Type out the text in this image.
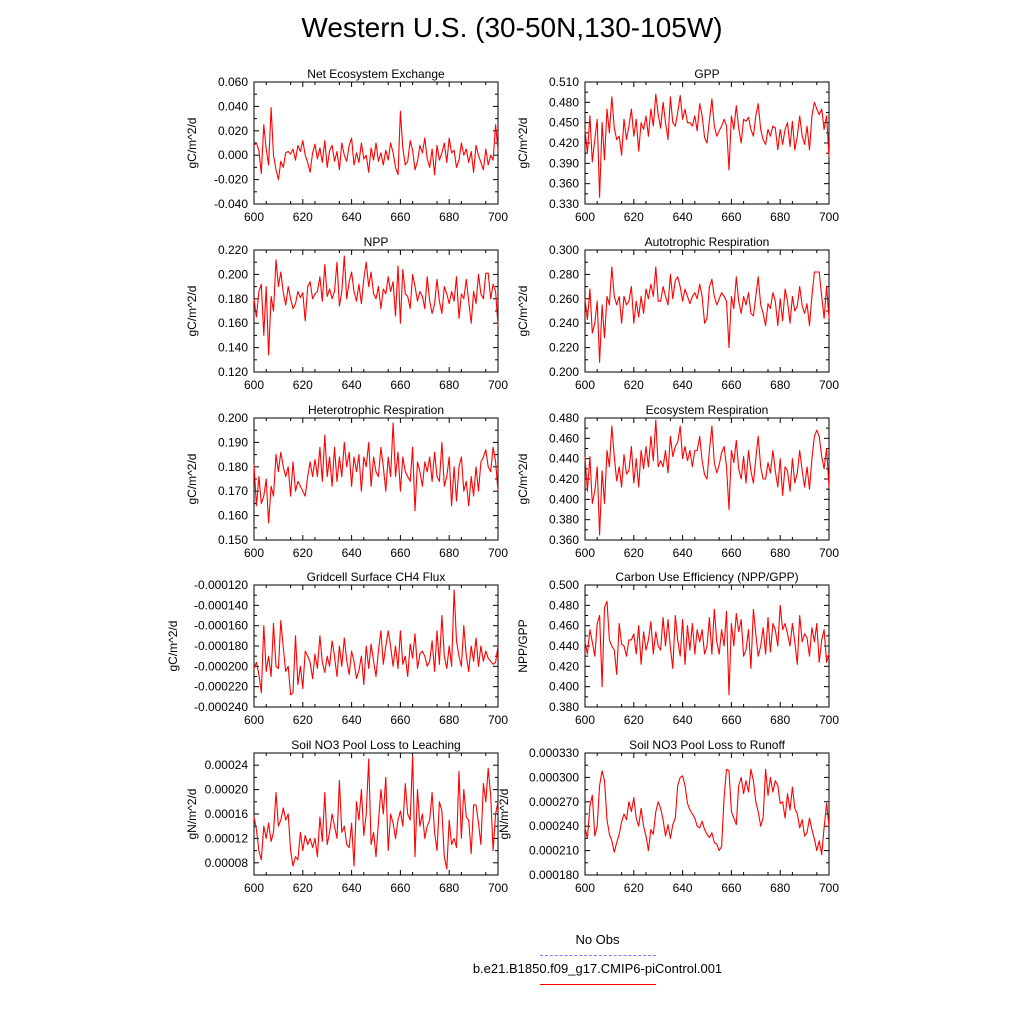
Western U.S. (30-50N,130-105W)
Net Ecosystem Exchange
-0.040
-0.020
0.000
0.020
0.040
0.060
600 620 640 660 680 700
gC/m^2/d
GPP
0.330
0.360
0.390
0.420
0.450
0.480
0.510
600 620 640 660 680 700
gC/m^2/d
NPP
0.120
0.140
0.160
0.180
0.200
0.220
600 620 640 660 680 700
gC/m^2/d
Autotrophic Respiration
0.200
0.220
0.240
0.260
0.280
0.300
600 620 640 660 680 700
gC/m^2/d
Heterotrophic Respiration
0.150
0.160
0.170
0.180
0.190
0.200
600 620 640 660 680 700
gC/m^2/d
Ecosystem Respiration
0.360
0.380
0.400
0.420
0.440
0.460
0.480
600 620 640 660 680 700
gC/m^2/d
Gridcell Surface CH4 Flux
-0.000240
-0.000220
-0.000200
-0.000180
-0.000160
-0.000140
-0.000120
600 620 640 660 680 700
gC/m^2/d
Carbon Use Efficiency (NPP/GPP)
0.380
0.400
0.420
0.440
0.460
0.480
0.500
600 620 640 660 680 700
NPP/GPP
Soil NO3 Pool Loss to Leaching
0.00008
0.00012
0.00016
0.00020
0.00024
600 620 640 660 680 700
gN/m^2/d
Soil NO3 Pool Loss to Runoff
0.000180
0.000210
0.000240
0.000270
0.000300
0.000330
600 620 640 660 680 700
gN/m^2/d
No Obs
b.e21.B1850.f09_g17.CMIP6-piControl.001
